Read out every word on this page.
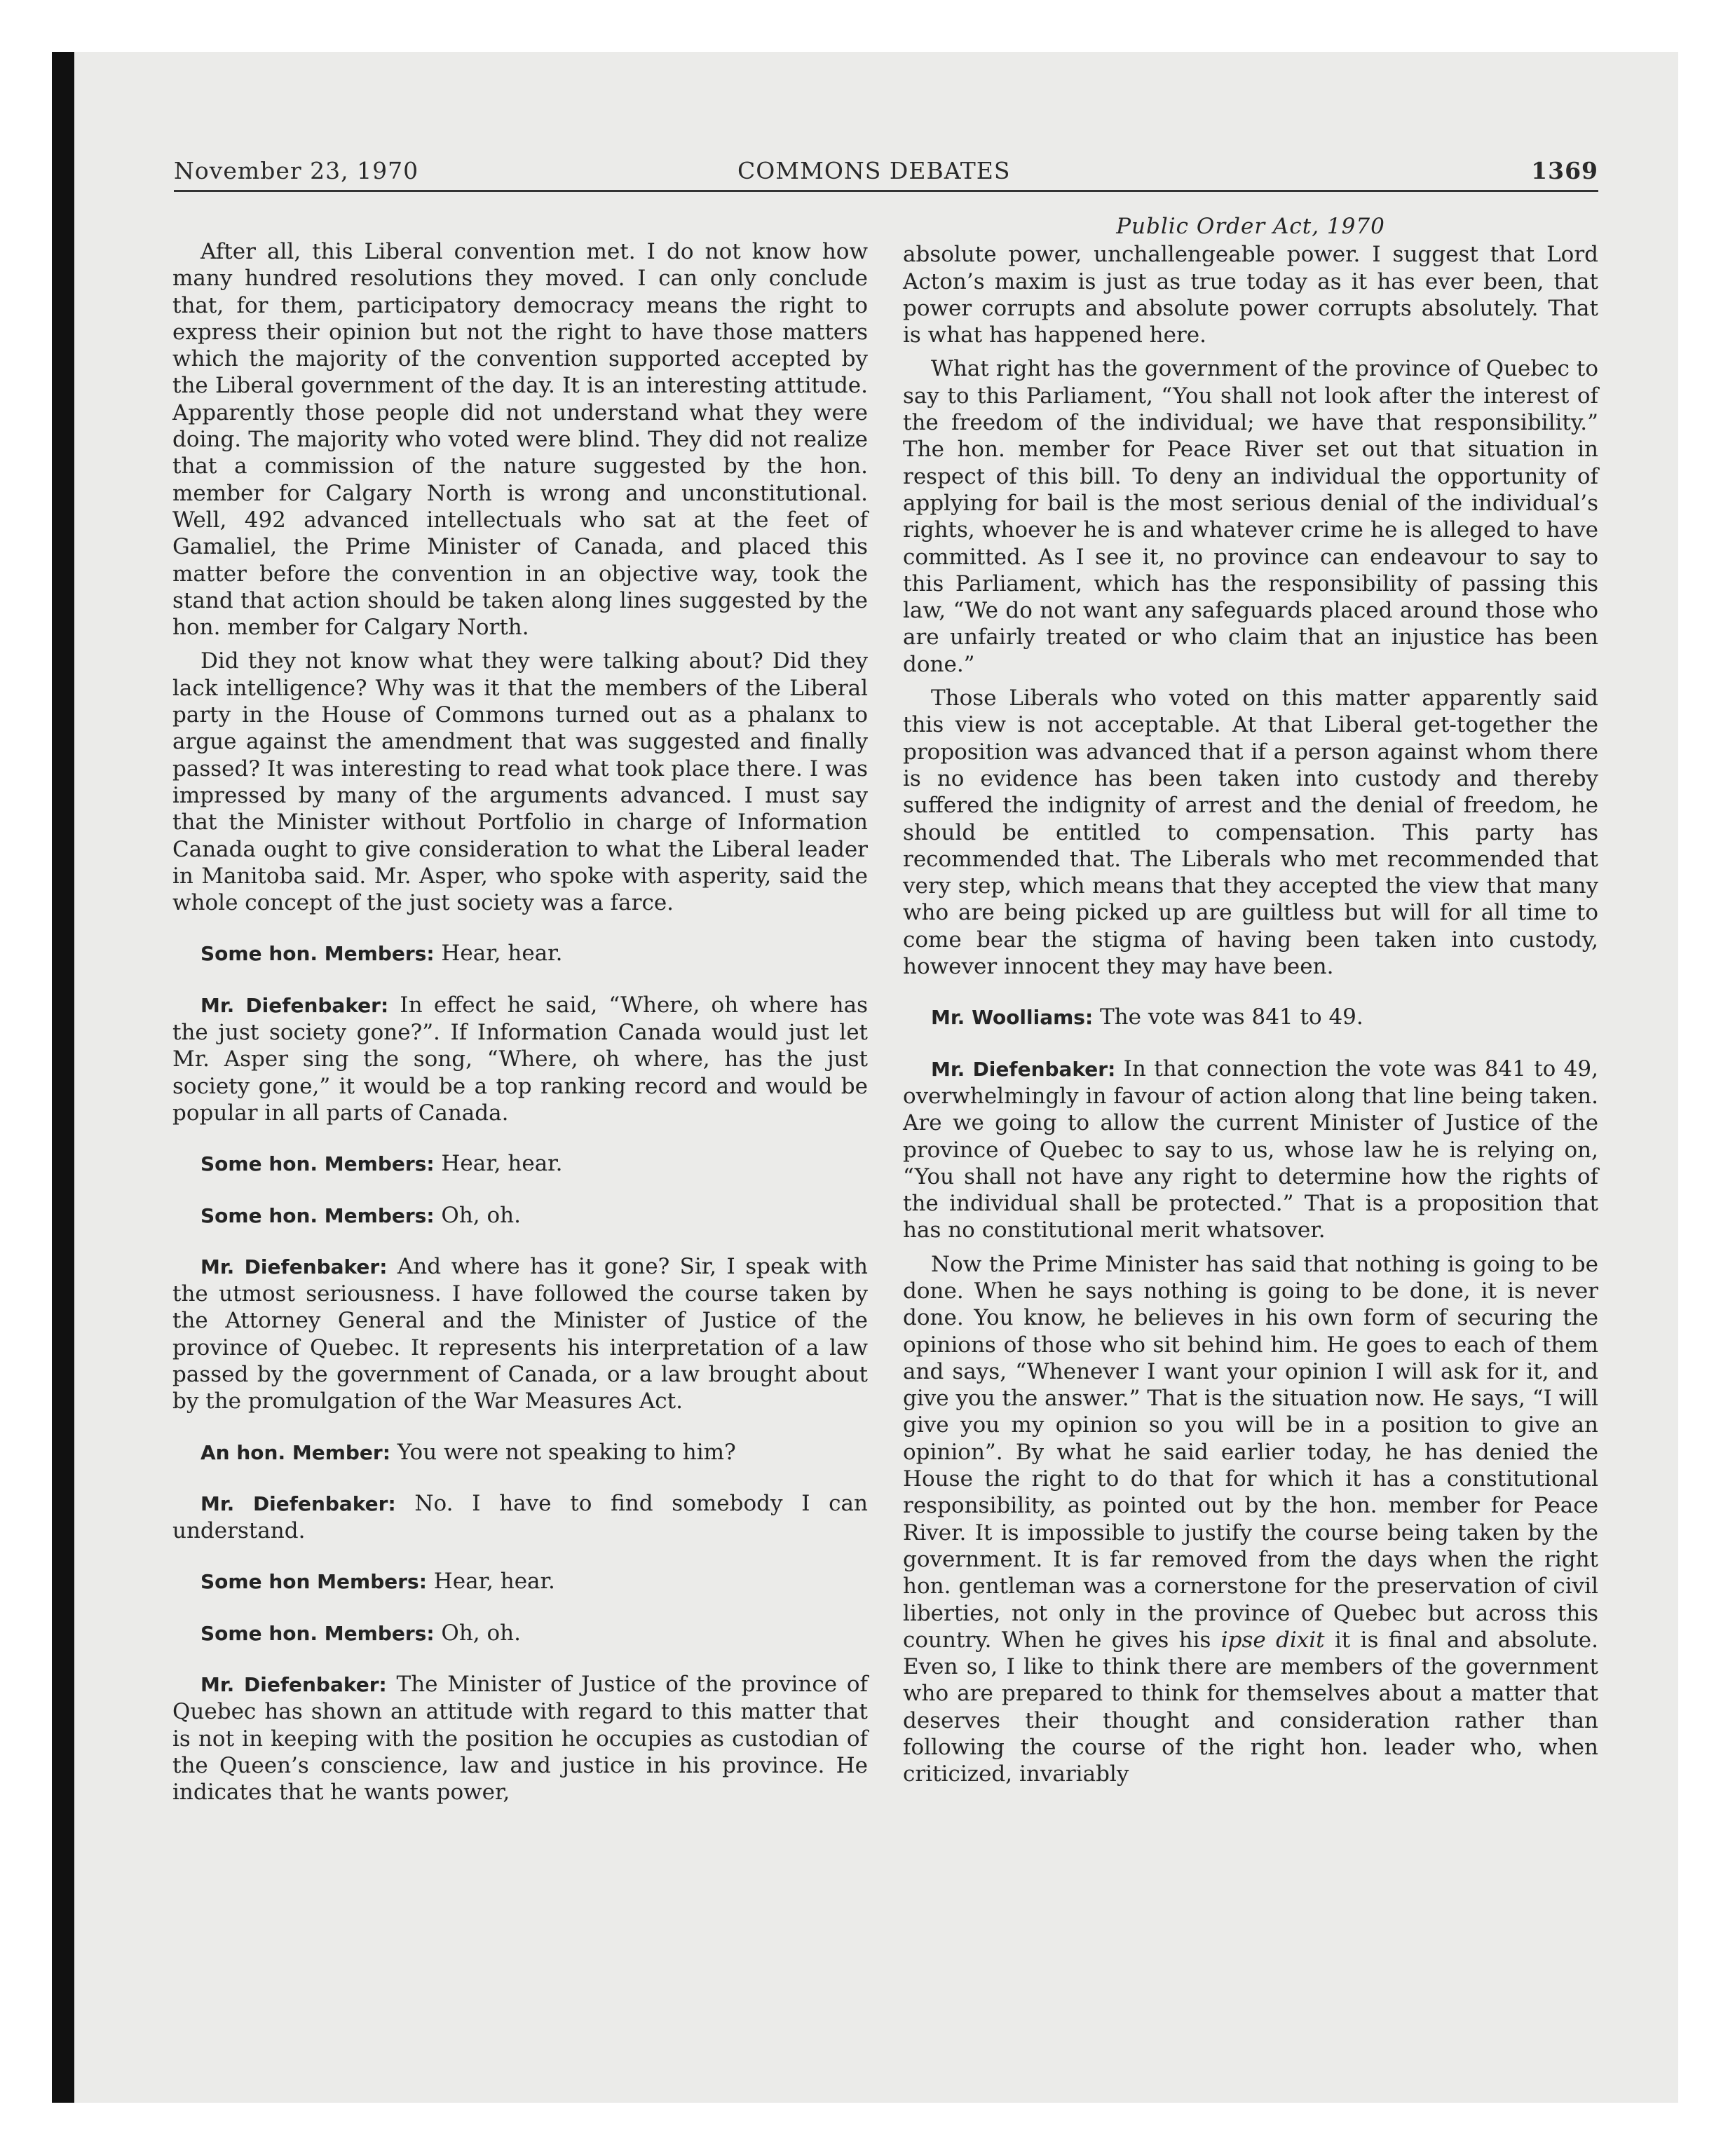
November 23, 1970	COMMONS DEBATES	1369

After all, this Liberal convention met. I do not know how many hundred resolutions they moved. I can only conclude that, for them, participatory democracy means the right to express their opinion but not the right to have those matters which the majority of the convention supported accepted by the Liberal government of the day. It is an interesting attitude. Apparently those people did not understand what they were doing. The majority who voted were blind. They did not realize that a commission of the nature suggested by the hon. member for Calgary North is wrong and unconstitutional. Well, 492 advanced intellectuals who sat at the feet of Gamaliel, the Prime Minister of Canada, and placed this matter before the convention in an objective way, took the stand that action should be taken along lines suggested by the hon. member for Calgary North.

Did they not know what they were talking about? Did they lack intelligence? Why was it that the members of the Liberal party in the House of Commons turned out as a phalanx to argue against the amendment that was suggested and finally passed? It was interesting to read what took place there. I was impressed by many of the arguments advanced. I must say that the Minister without Portfolio in charge of Information Canada ought to give consideration to what the Liberal leader in Manitoba said. Mr. Asper, who spoke with asperity, said the whole concept of the just society was a farce.

Some hon. Members: Hear, hear.

Mr. Diefenbaker: In effect he said, “Where, oh where has the just society gone?”. If Information Canada would just let Mr. Asper sing the song, “Where, oh where, has the just society gone,” it would be a top ranking record and would be popular in all parts of Canada.

Some hon. Members: Hear, hear.

Some hon. Members: Oh, oh.

Mr. Diefenbaker: And where has it gone? Sir, I speak with the utmost seriousness. I have followed the course taken by the Attorney General and the Minister of Justice of the province of Quebec. It represents his interpretation of a law passed by the government of Canada, or a law brought about by the promulgation of the War Measures Act.

An hon. Member: You were not speaking to him?

Mr. Diefenbaker: No. I have to find somebody I can understand.

Some hon Members: Hear, hear.

Some hon. Members: Oh, oh.

Mr. Diefenbaker: The Minister of Justice of the province of Quebec has shown an attitude with regard to this matter that is not in keeping with the position he occupies as custodian of the Queen’s conscience, law and justice in his province. He indicates that he wants power,

Public Order Act, 1970

absolute power, unchallengeable power. I suggest that Lord Acton’s maxim is just as true today as it has ever been, that power corrupts and absolute power corrupts absolutely. That is what has happened here.

What right has the government of the province of Quebec to say to this Parliament, “You shall not look after the interest of the freedom of the individual; we have that responsibility.” The hon. member for Peace River set out that situation in respect of this bill. To deny an individual the opportunity of applying for bail is the most serious denial of the individual’s rights, whoever he is and whatever crime he is alleged to have committed. As I see it, no province can endeavour to say to this Parliament, which has the responsibility of passing this law, “We do not want any safeguards placed around those who are unfairly treated or who claim that an injustice has been done.”

Those Liberals who voted on this matter apparently said this view is not acceptable. At that Liberal get-together the proposition was advanced that if a person against whom there is no evidence has been taken into custody and thereby suffered the indignity of arrest and the denial of freedom, he should be entitled to compensation. This party has recommended that. The Liberals who met recommended that very step, which means that they accepted the view that many who are being picked up are guiltless but will for all time to come bear the stigma of having been taken into custody, however innocent they may have been.

Mr. Woolliams: The vote was 841 to 49.

Mr. Diefenbaker: In that connection the vote was 841 to 49, overwhelmingly in favour of action along that line being taken. Are we going to allow the current Minister of Justice of the province of Quebec to say to us, whose law he is relying on, “You shall not have any right to determine how the rights of the individual shall be protected.” That is a proposition that has no constitutional merit whatsover.

Now the Prime Minister has said that nothing is going to be done. When he says nothing is going to be done, it is never done. You know, he believes in his own form of securing the opinions of those who sit behind him. He goes to each of them and says, “Whenever I want your opinion I will ask for it, and give you the answer.” That is the situation now. He says, “I will give you my opinion so you will be in a position to give an opinion”. By what he said earlier today, he has denied the House the right to do that for which it has a constitutional responsibility, as pointed out by the hon. member for Peace River. It is impossible to justify the course being taken by the government. It is far removed from the days when the right hon. gentleman was a cornerstone for the preservation of civil liberties, not only in the province of Quebec but across this country. When he gives his ipse dixit it is final and absolute. Even so, I like to think there are members of the government who are prepared to think for themselves about a matter that deserves their thought and consideration rather than following the course of the right hon. leader who, when criticized, invariably
